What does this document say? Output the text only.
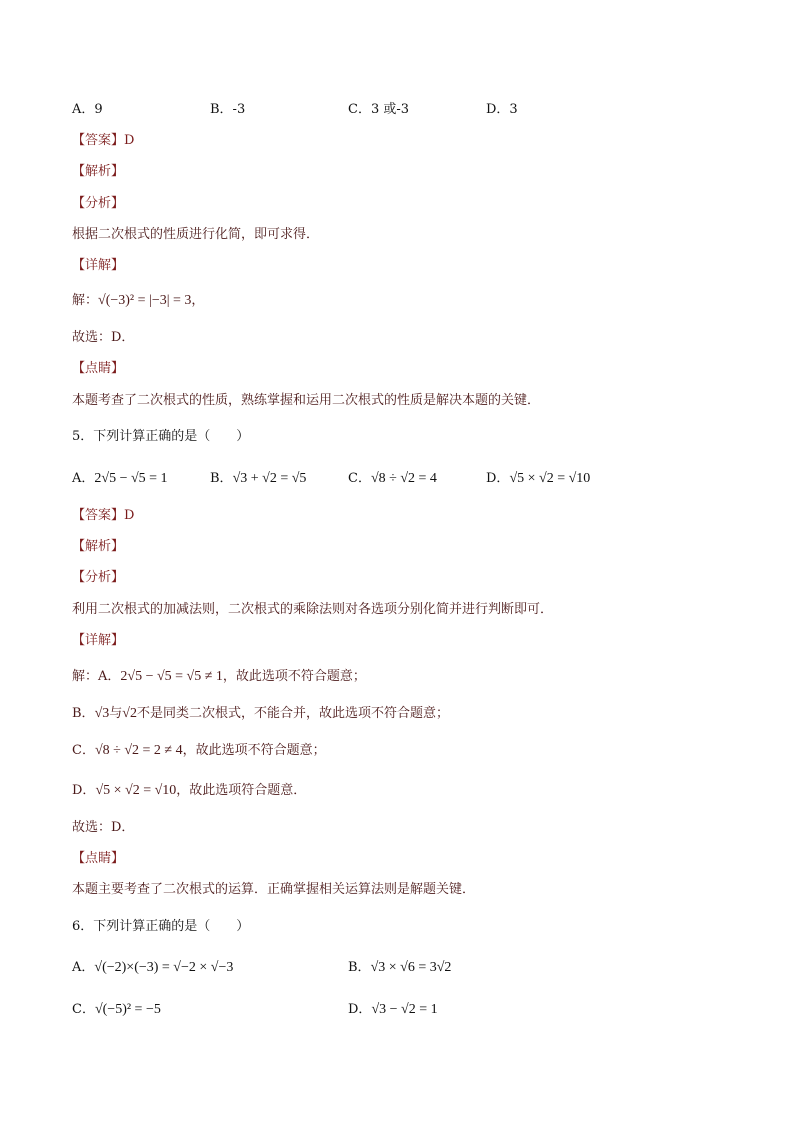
A．9	B．-3	C．3 或-3	D．3
【答案】D
【解析】
【分析】
根据二次根式的性质进行化简，即可求得．
【详解】
解：√(−3)² = |−3| = 3，
故选：D．
【点睛】
本题考查了二次根式的性质，熟练掌握和运用二次根式的性质是解决本题的关键．
5．下列计算正确的是（　　）
A．2√5 − √5 = 1	B．√3 + √2 = √5	C．√8 ÷ √2 = 4	D．√5 × √2 = √10
【答案】D
【解析】
【分析】
利用二次根式的加减法则，二次根式的乘除法则对各选项分别化简并进行判断即可．
【详解】
解：A．2√5 − √5 = √5 ≠ 1，故此选项不符合题意；
B．√3与√2不是同类二次根式，不能合并，故此选项不符合题意；
C．√8 ÷ √2 = 2 ≠ 4，故此选项不符合题意；
D．√5 × √2 = √10，故此选项符合题意．
故选：D．
【点睛】
本题主要考查了二次根式的运算．正确掌握相关运算法则是解题关键．
6．下列计算正确的是（　　）
A．√(−2)×(−3) = √−2 × √−3	B．√3 × √6 = 3√2
C．√(−5)² = −5	D．√3 − √2 = 1
